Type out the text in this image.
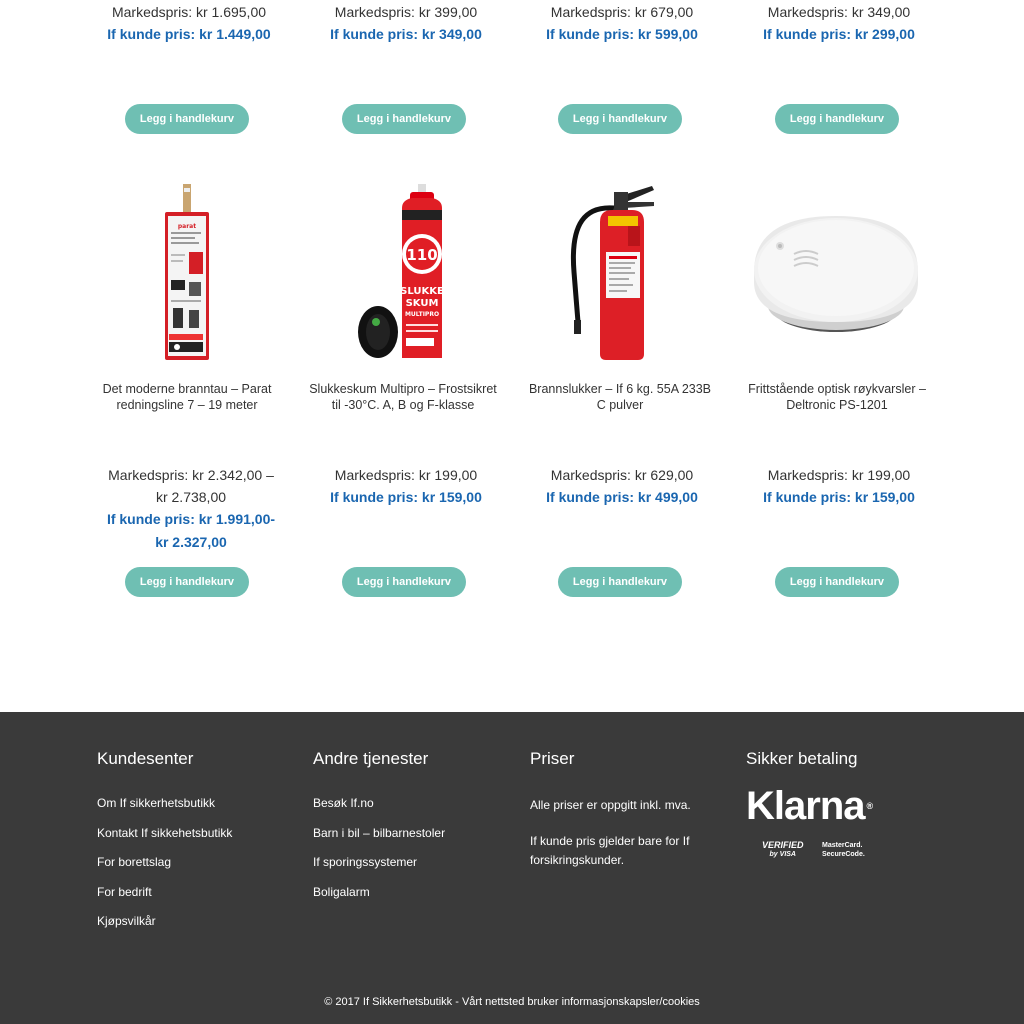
Markedspris: kr 1.695,00
If kunde pris: kr 1.449,00
Markedspris: kr 399,00
If kunde pris: kr 349,00
Markedspris: kr 679,00
If kunde pris: kr 599,00
Markedspris: kr 349,00
If kunde pris: kr 299,00
Legg i handlekurv	Legg i handlekurv	Legg i handlekurv	Legg i handlekurv
parat
110
SLUKKE
SKUM
MULTIPRO
Det moderne branntau – Parat
redningsline 7 – 19 meter
Slukkeskum Multipro – Frostsikret
til -30°C. A, B og F-klasse
Brannslukker – If 6 kg. 55A 233B
C pulver
Frittstående optisk røykvarsler –
Deltronic PS-1201
Markedspris: kr 2.342,00 –
kr 2.738,00
If kunde pris: kr 1.991,00-
kr 2.327,00
Markedspris: kr 199,00
If kunde pris: kr 159,00
Markedspris: kr 629,00
If kunde pris: kr 499,00
Markedspris: kr 199,00
If kunde pris: kr 159,00
Legg i handlekurv	Legg i handlekurv	Legg i handlekurv	Legg i handlekurv
Kundesenter
Om If sikkerhetsbutikk
Kontakt If sikkehetsbutikk
For borettslag
For bedrift
Kjøpsvilkår
Andre tjenester
Besøk If.no
Barn i bil – bilbarnestoler
If sporingssystemer
Boligalarm
Priser

Alle priser er oppgitt inkl. mva.

If kunde pris gjelder bare for If
forsikringskunder.

Sikker betaling
Klarna ®
VERIFIED
by VISA
MasterCard.
SecureCode.
© 2017 If Sikkerhetsbutikk - Vårt nettsted bruker informasjonskapsler/cookies
